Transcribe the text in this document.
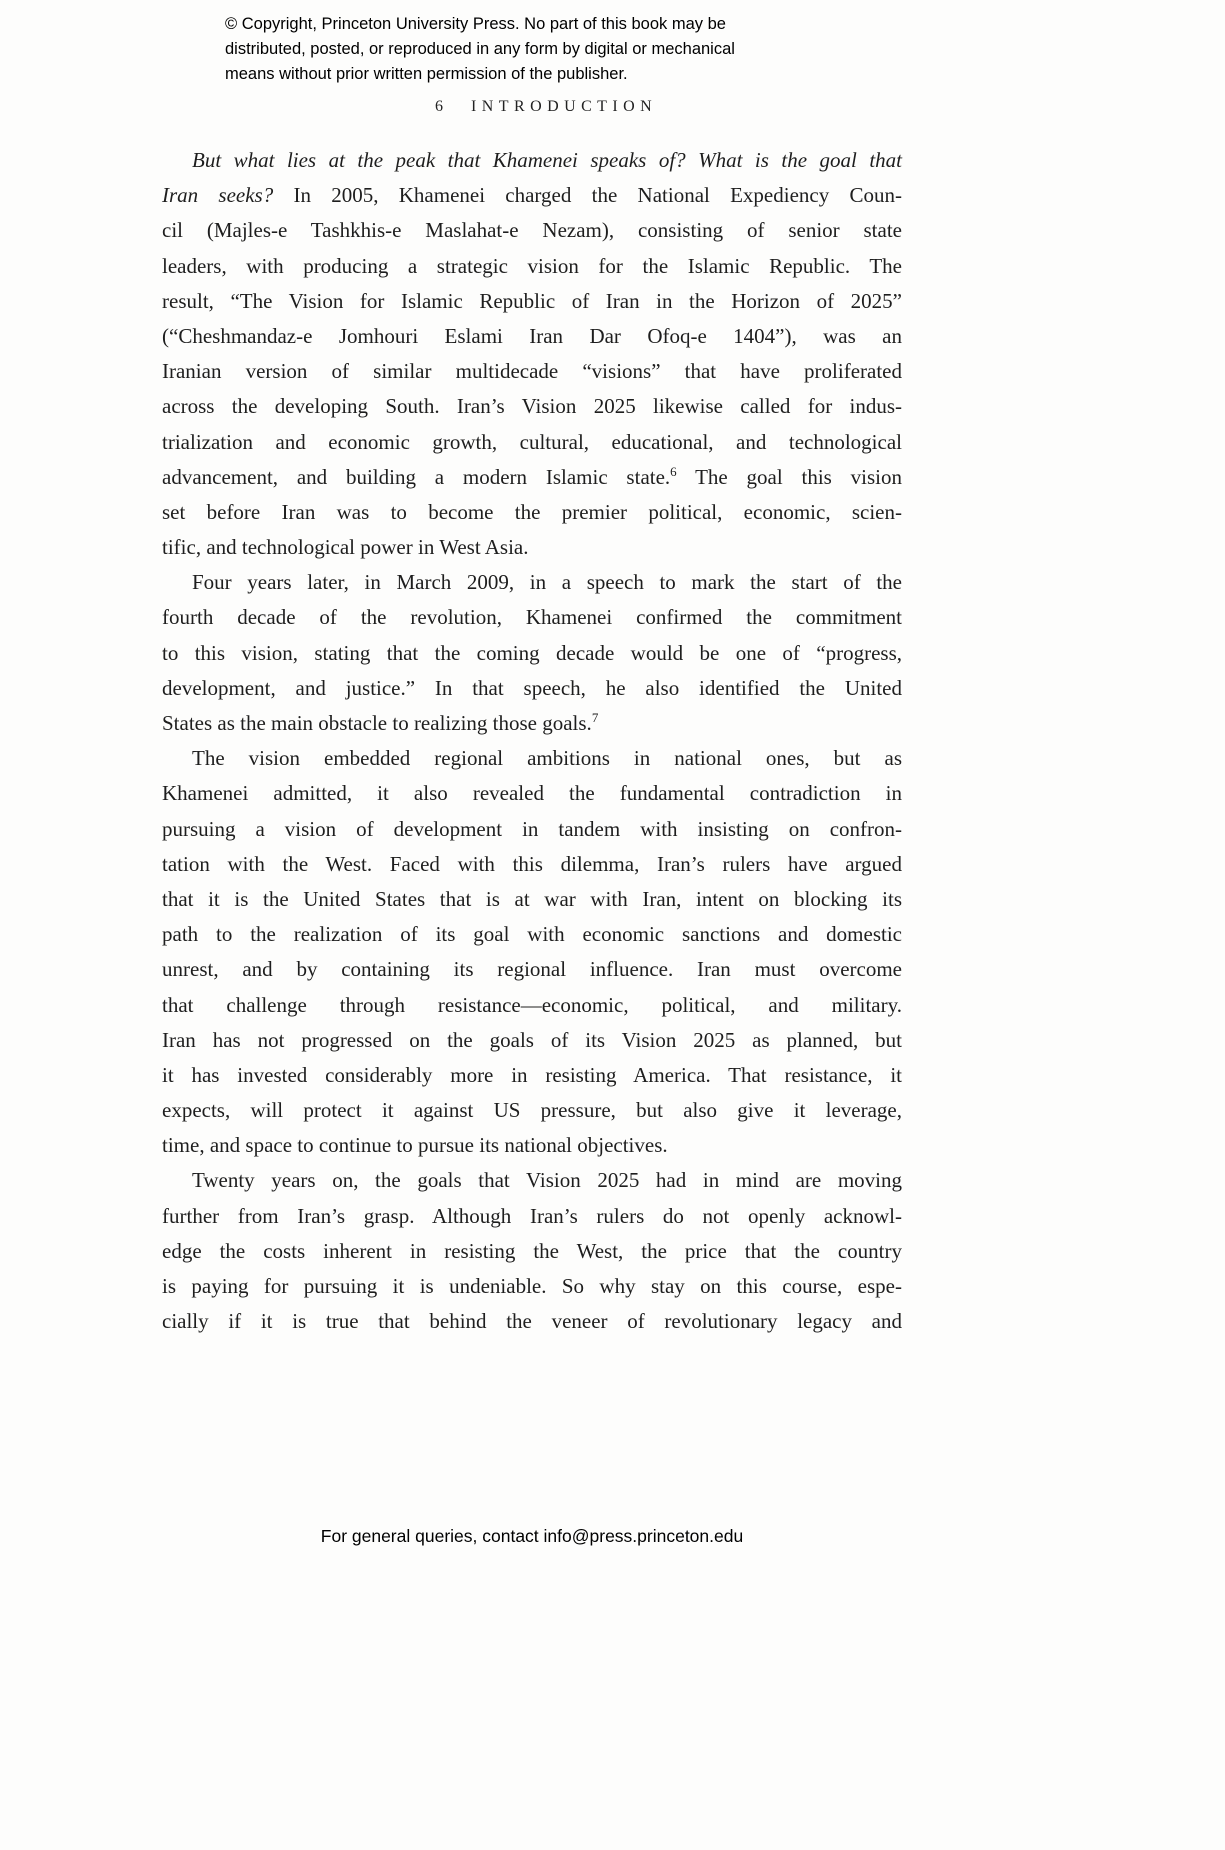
© Copyright, Princeton University Press. No part of this book may be
distributed, posted, or reproduced in any form by digital or mechanical
means without prior written permission of the publisher.
6 INTRODUCTION
But what lies at the peak that Khamenei speaks of? What is the goal that
Iran seeks? In 2005, Khamenei charged the National Expediency Coun-
cil (Majles-e Tashkhis-e Maslahat-e Nezam), consisting of senior state
leaders, with producing a strategic vision for the Islamic Republic. The
result, “The Vision for Islamic Republic of Iran in the Horizon of 2025”
(“Cheshmandaz-e Jomhouri Eslami Iran Dar Ofoq-e 1404”), was an
Iranian version of similar multidecade “visions” that have proliferated
across the developing South. Iran’s Vision 2025 likewise called for indus-
trialization and economic growth, cultural, educational, and technological
advancement, and building a modern Islamic state.$^6$ The goal this vision
set before Iran was to become the premier political, economic, scien-
tific, and technological power in West Asia.
Four years later, in March 2009, in a speech to mark the start of the
fourth decade of the revolution, Khamenei confirmed the commitment
to this vision, stating that the coming decade would be one of “progress,
development, and justice.” In that speech, he also identified the United
States as the main obstacle to realizing those goals.$^7$
The vision embedded regional ambitions in national ones, but as
Khamenei admitted, it also revealed the fundamental contradiction in
pursuing a vision of development in tandem with insisting on confron-
tation with the West. Faced with this dilemma, Iran’s rulers have argued
that it is the United States that is at war with Iran, intent on blocking its
path to the realization of its goal with economic sanctions and domestic
unrest, and by containing its regional influence. Iran must overcome
that challenge through resistance—economic, political, and military.
Iran has not progressed on the goals of its Vision 2025 as planned, but
it has invested considerably more in resisting America. That resistance, it
expects, will protect it against US pressure, but also give it leverage,
time, and space to continue to pursue its national objectives.
Twenty years on, the goals that Vision 2025 had in mind are moving
further from Iran’s grasp. Although Iran’s rulers do not openly acknowl-
edge the costs inherent in resisting the West, the price that the country
is paying for pursuing it is undeniable. So why stay on this course, espe-
cially if it is true that behind the veneer of revolutionary legacy and
For general queries, contact info@press.princeton.edu
